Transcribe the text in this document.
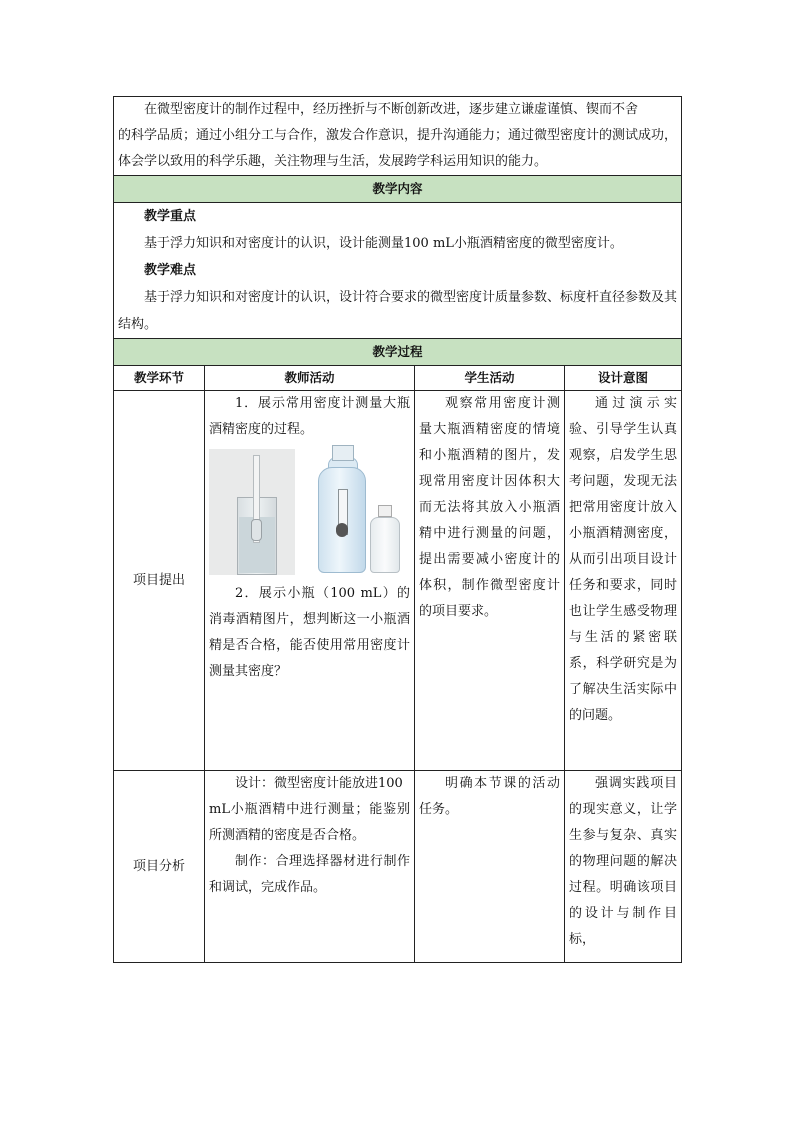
在微型密度计的制作过程中，经历挫折与不断创新改进，逐步建立谦虚谨慎、锲而不舍

的科学品质；通过小组分工与合作，激发合作意识，提升沟通能力；通过微型密度计的测试成功，体会学以致用的科学乐趣，关注物理与生活，发展跨学科运用知识的能力。			

教学内容			

教学重点

基于浮力知识和对密度计的认识，设计能测量100 mL小瓶酒精密度的微型密度计。

教学难点

基于浮力知识和对密度计的认识，设计符合要求的微型密度计质量参数、标度杆直径参数及其结构。			

教学过程			
教学环节	教师活动	学生活动	设计意图
项目提出	1．展示常用密度计测量大瓶酒精密度的过程。

2．展示小瓶（100 mL）的消毒酒精图片，想判断这一小瓶酒精是否合格，能否使用常用密度计测量其密度？	观察常用密度计测量大瓶酒精密度的情境和小瓶酒精的图片，发现常用密度计因体积大而无法将其放入小瓶酒精中进行测量的问题，提出需要减小密度计的体积，制作微型密度计的项目要求。	通过演示实验、引导学生认真观察，启发学生思考问题，发现无法把常用密度计放入小瓶酒精测密度，从而引出项目设计任务和要求，同时也让学生感受物理与生活的紧密联系，科学研究是为了解决生活实际中的问题。

项目分析	设计：微型密度计能放进100

mL小瓶酒精中进行测量；能鉴别所测酒精的密度是否合格。

制作：合理选择器材进行制作和调试，完成作品。	明确本节课的活动任务。	强调实践项目的现实意义，让学生参与复杂、真实的物理问题的解决过程。明确该项目的设计与制作目标，
